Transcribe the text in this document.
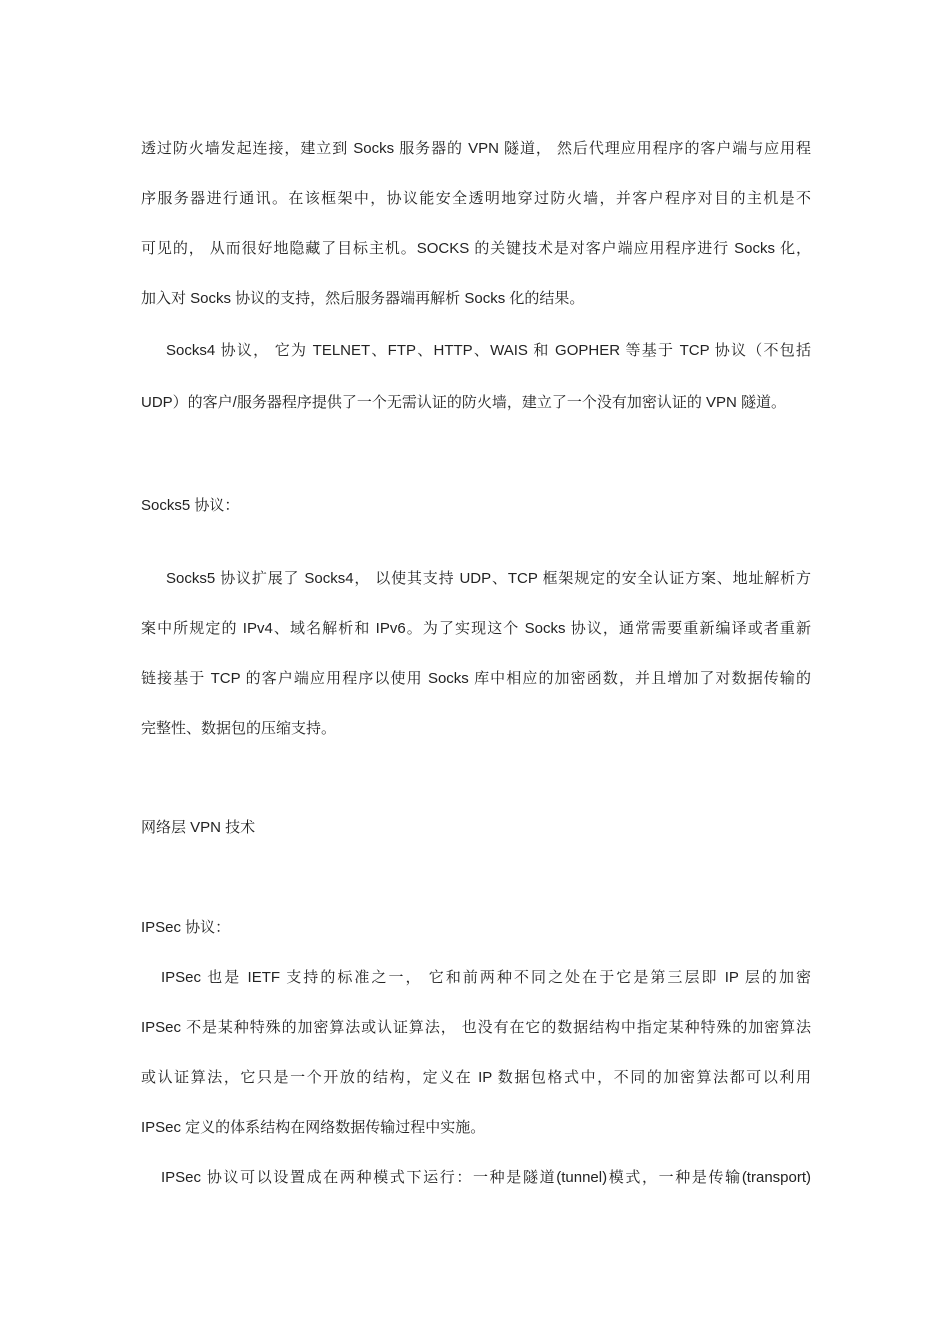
透过防火墙发起连接，建立到 Socks 服务器的 VPN 隧道， 然后代理应用程序的客户端与应用程
序服务器进行通讯。在该框架中，协议能安全透明地穿过防火墙，并客户程序对目的主机是不
可见的， 从而很好地隐藏了目标主机。SOCKS 的关键技术是对客户端应用程序进行 Socks 化，
加入对 Socks 协议的支持，然后服务器端再解析 Socks 化的结果。
Socks4 协议， 它为 TELNET、FTP、HTTP、WAIS 和 GOPHER 等基于 TCP 协议（不包括
UDP）的客户/服务器程序提供了一个无需认证的防火墙，建立了一个没有加密认证的 VPN 隧道。
Socks5 协议：
Socks5 协议扩展了 Socks4， 以使其支持 UDP、TCP 框架规定的安全认证方案、地址解析方
案中所规定的 IPv4、域名解析和 IPv6。为了实现这个 Socks 协议，通常需要重新编译或者重新
链接基于 TCP 的客户端应用程序以使用 Socks 库中相应的加密函数，并且增加了对数据传输的
完整性、数据包的压缩支持。
网络层 VPN 技术
IPSec 协议：
IPSec 也是 IETF 支持的标准之一， 它和前两种不同之处在于它是第三层即 IP 层的加密
IPSec 不是某种特殊的加密算法或认证算法， 也没有在它的数据结构中指定某种特殊的加密算法
或认证算法，它只是一个开放的结构，定义在 IP 数据包格式中，不同的加密算法都可以利用
IPSec 定义的体系结构在网络数据传输过程中实施。
IPSec 协议可以设置成在两种模式下运行：一种是隧道(tunnel)模式，一种是传输(transport)
